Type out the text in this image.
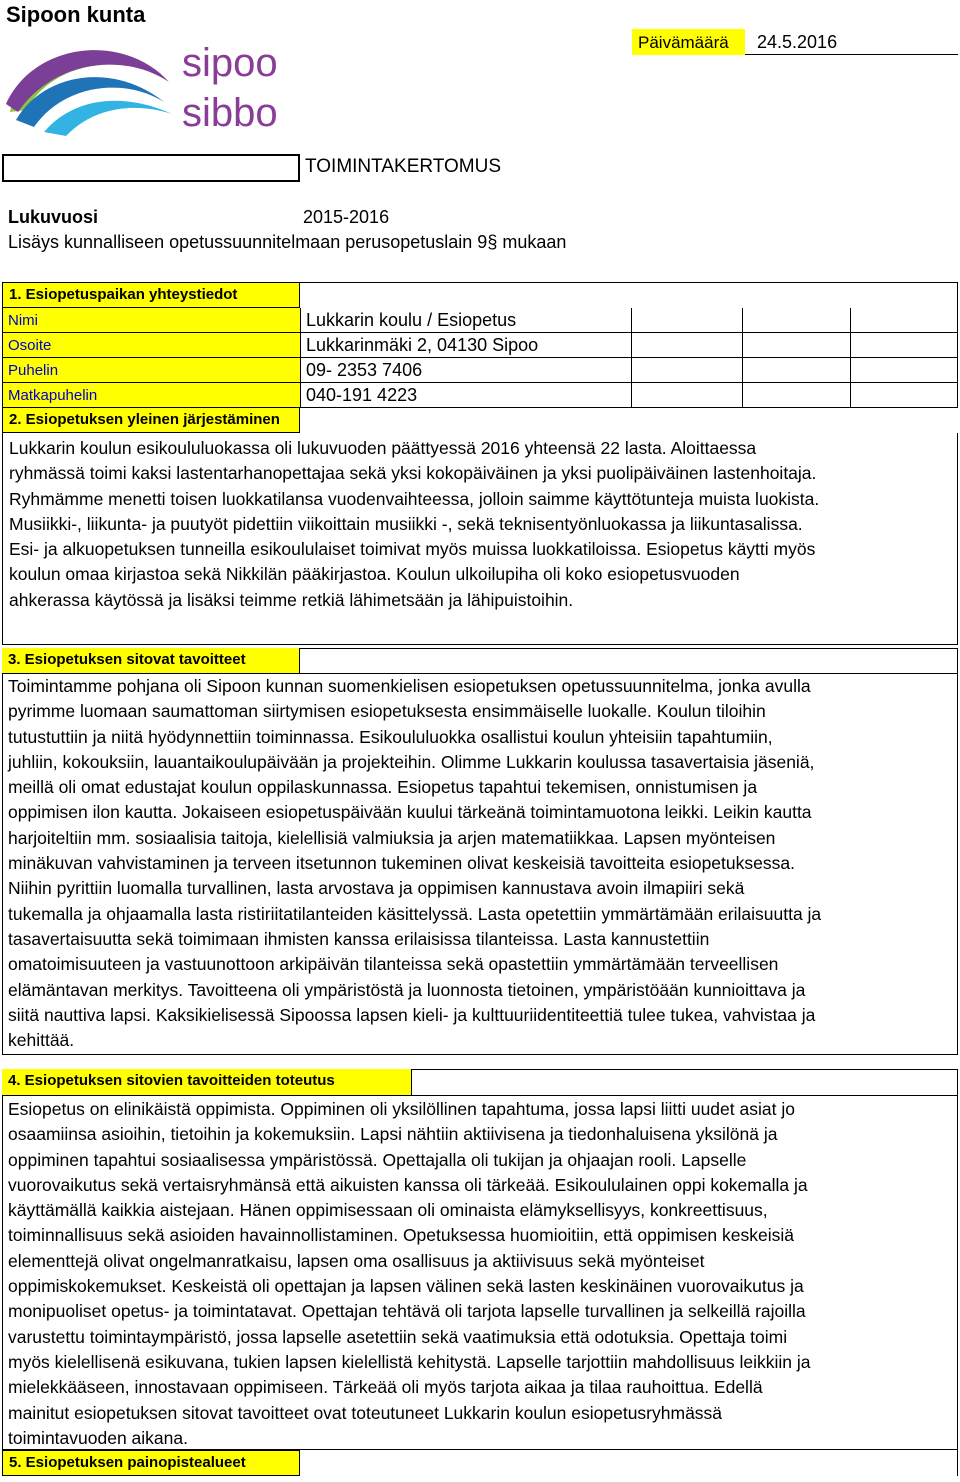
Sipoon kunta
sipoo
sibbo
Päivämäärä	24.5.2016
TOIMINTAKERTOMUS
Lukuvuosi	2015-2016
Lisäys kunnalliseen opetussuunnitelmaan perusopetuslain 9§ mukaan
1. Esiopetuspaikan yhteystiedot
Nimi	Lukkarin koulu / Esiopetus
Osoite	Lukkarinmäki 2, 04130 Sipoo
Puhelin	09- 2353 7406
Matkapuhelin	040-191 4223
2. Esiopetuksen yleinen järjestäminen
Lukkarin koulun esikoululuokassa oli lukuvuoden päättyessä 2016 yhteensä 22 lasta. Aloittaessa
ryhmässä toimi kaksi lastentarhanopettajaa sekä yksi kokopäiväinen ja yksi puolipäiväinen lastenhoitaja.
Ryhmämme menetti toisen luokkatilansa vuodenvaihteessa, jolloin saimme käyttötunteja muista luokista.
Musiikki-, liikunta- ja puutyöt pidettiin viikoittain musiikki -, sekä teknisentyönluokassa ja liikuntasalissa.
Esi- ja alkuopetuksen tunneilla esikoululaiset toimivat myös muissa luokkatiloissa. Esiopetus käytti myös
koulun omaa kirjastoa sekä Nikkilän pääkirjastoa. Koulun ulkoilupiha oli koko esiopetusvuoden
ahkerassa käytössä ja lisäksi teimme retkiä lähimetsään ja lähipuistoihin.
3. Esiopetuksen sitovat tavoitteet
Toimintamme pohjana oli Sipoon kunnan suomenkielisen esiopetuksen opetussuunnitelma, jonka avulla
pyrimme luomaan saumattoman siirtymisen esiopetuksesta ensimmäiselle luokalle. Koulun tiloihin
tutustuttiin ja niitä hyödynnettiin toiminnassa. Esikoululuokka osallistui koulun yhteisiin tapahtumiin,
juhliin, kokouksiin, lauantaikoulupäivään ja projekteihin. Olimme Lukkarin koulussa tasavertaisia jäseniä,
meillä oli omat edustajat koulun oppilaskunnassa. Esiopetus tapahtui tekemisen, onnistumisen ja
oppimisen ilon kautta. Jokaiseen esiopetuspäivään kuului tärkeänä toimintamuotona leikki. Leikin kautta
harjoiteltiin mm. sosiaalisia taitoja, kielellisiä valmiuksia ja arjen matematiikkaa. Lapsen myönteisen
minäkuvan vahvistaminen ja terveen itsetunnon tukeminen olivat keskeisiä tavoitteita esiopetuksessa.
Niihin pyrittiin luomalla turvallinen, lasta arvostava ja oppimisen kannustava avoin ilmapiiri sekä
tukemalla ja ohjaamalla lasta ristiriitatilanteiden käsittelyssä. Lasta opetettiin ymmärtämään erilaisuutta ja
tasavertaisuutta sekä toimimaan ihmisten kanssa erilaisissa tilanteissa. Lasta kannustettiin
omatoimisuuteen ja vastuunottoon arkipäivän tilanteissa sekä opastettiin ymmärtämään terveellisen
elämäntavan merkitys. Tavoitteena oli ympäristöstä ja luonnosta tietoinen, ympäristöään kunnioittava ja
siitä nauttiva lapsi. Kaksikielisessä Sipoossa lapsen kieli- ja kulttuuriidentiteettiä tulee tukea, vahvistaa ja
kehittää.
4. Esiopetuksen sitovien tavoitteiden toteutus
Esiopetus on elinikäistä oppimista. Oppiminen oli yksilöllinen tapahtuma, jossa lapsi liitti uudet asiat jo
osaamiinsa asioihin, tietoihin ja kokemuksiin. Lapsi nähtiin aktiivisena ja tiedonhaluisena yksilönä ja
oppiminen tapahtui sosiaalisessa ympäristössä. Opettajalla oli tukijan ja ohjaajan rooli. Lapselle
vuorovaikutus sekä vertaisryhmänsä että aikuisten kanssa oli tärkeää. Esikoululainen oppi kokemalla ja
käyttämällä kaikkia aistejaan. Hänen oppimisessaan oli ominaista elämyksellisyys, konkreettisuus,
toiminnallisuus sekä asioiden havainnollistaminen. Opetuksessa huomioitiin, että oppimisen keskeisiä
elementtejä olivat ongelmanratkaisu, lapsen oma osallisuus ja aktiivisuus sekä myönteiset
oppimiskokemukset. Keskeistä oli opettajan ja lapsen välinen sekä lasten keskinäinen vuorovaikutus ja
monipuoliset opetus- ja toimintatavat. Opettajan tehtävä oli tarjota lapselle turvallinen ja selkeillä rajoilla
varustettu toimintaympäristö, jossa lapselle asetettiin sekä vaatimuksia että odotuksia. Opettaja toimi
myös kielellisenä esikuvana, tukien lapsen kielellistä kehitystä. Lapselle tarjottiin mahdollisuus leikkiin ja
mielekkääseen, innostavaan oppimiseen. Tärkeää oli myös tarjota aikaa ja tilaa rauhoittua. Edellä
mainitut esiopetuksen sitovat tavoitteet ovat toteutuneet Lukkarin koulun esiopetusryhmässä
toimintavuoden aikana.
5. Esiopetuksen painopistealueet
